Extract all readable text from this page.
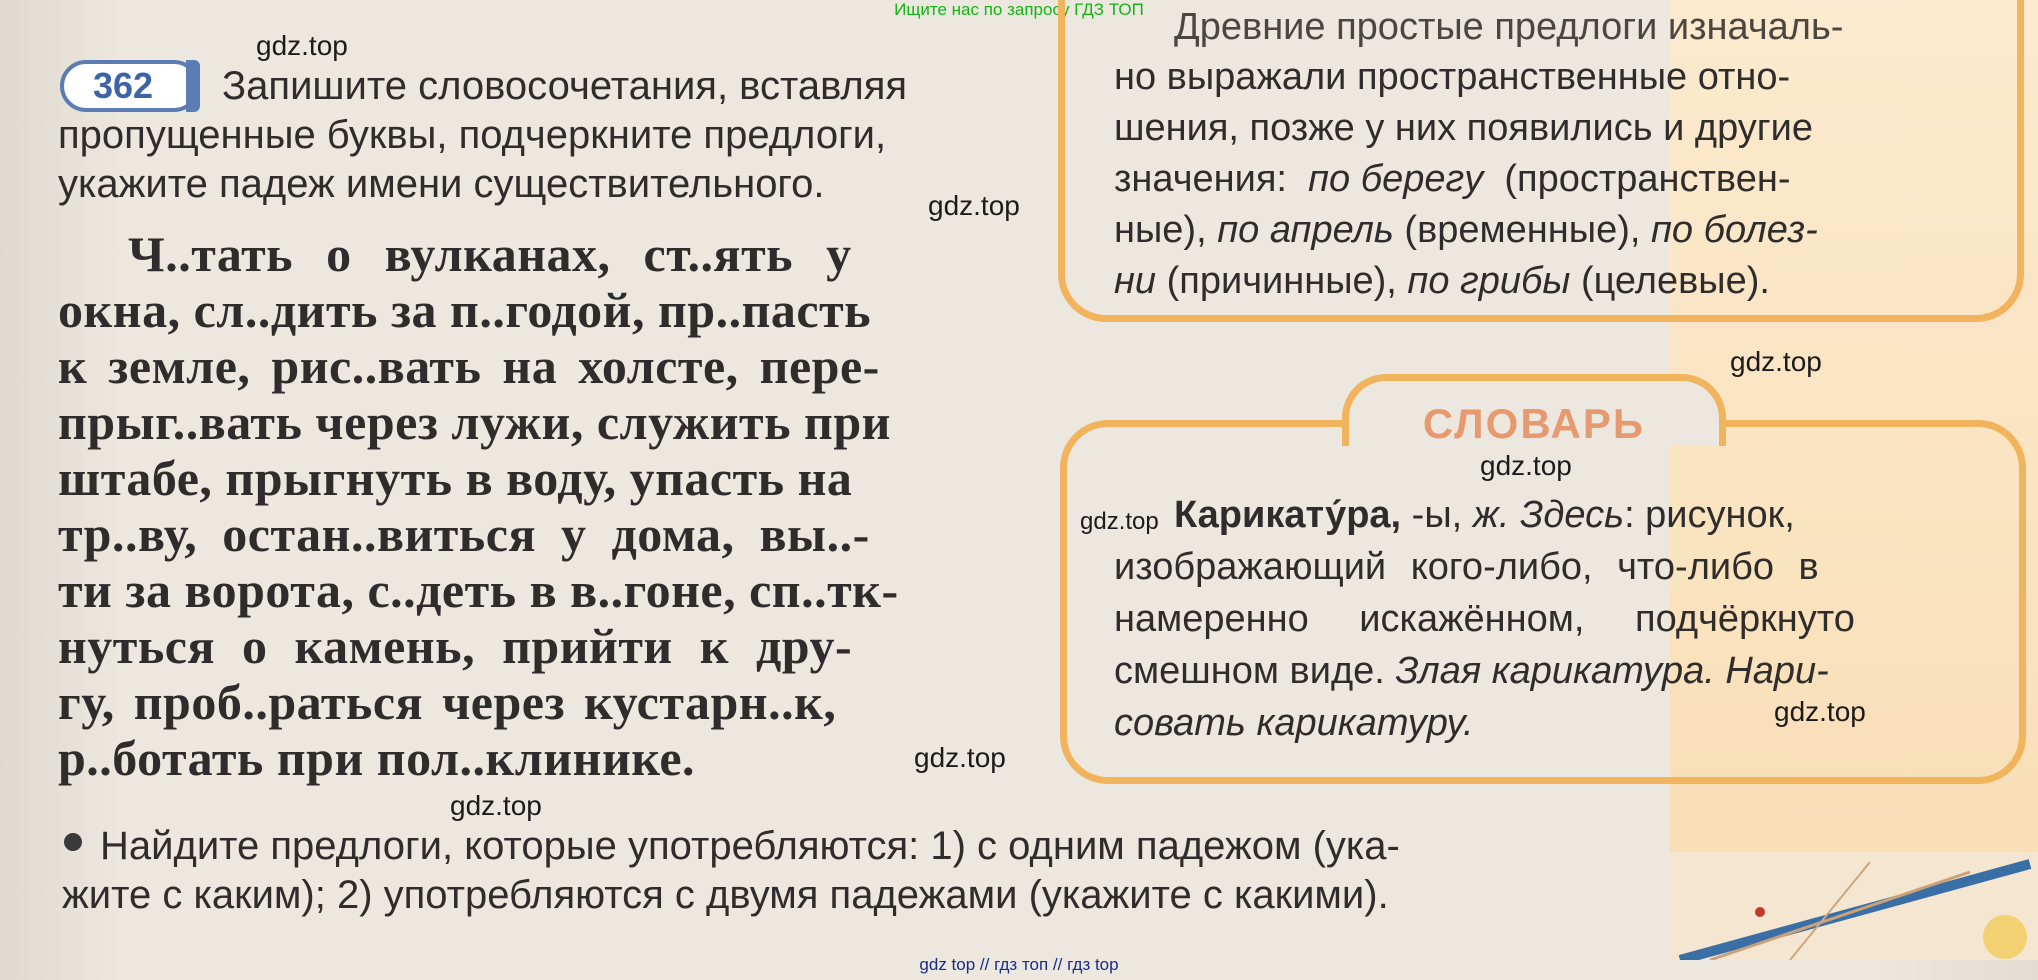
Ищите нас по запросу ГДЗ ТОП
362	Запишите словосочетания, вставляя
пропущенные буквы, подчеркните предлоги,
укажите падеж имени существительного.
Ч..тать о вулканах, ст..ять у
окна, сл..дить за п..годой, пр..пасть
к земле, рис..вать на холсте, пере-
прыг..вать через лужи, служить при
штабе, прыгнуть в воду, упасть на
тр..ву, остан..виться у дома, вы..-
ти за ворота, с..деть в в..гоне, сп..тк-
нуться о камень, прийти к дру-
гу, проб..раться через кустарн..к,
р..ботать при пол..клинике.
Найдите предлоги, которые употребляются: 1) с одним падежом (ука-
жите с каким); 2) употребляются с двумя падежами (укажите с какими).
Древние простые предлоги изначаль-
но выражали пространственные отно-
шения, позже у них появились и другие
значения: по берегу (пространствен-
ные), по апрель (временные), по болез-
ни (причинные), по грибы (целевые).
СЛОВАРЬ
Карикату́ра, -ы, ж. Здесь: рисунок,
изображающий кого-либо, что-либо в
намеренно искажённом, подчёркнуто
смешном виде. Злая карикатура. Нари-
совать карикатуру.
gdz.top
gdz.top
gdz.top
gdz.top
gdz.top
gdz.top
gdz.top
gdz.top
gdz top // гдз топ // гдз top
